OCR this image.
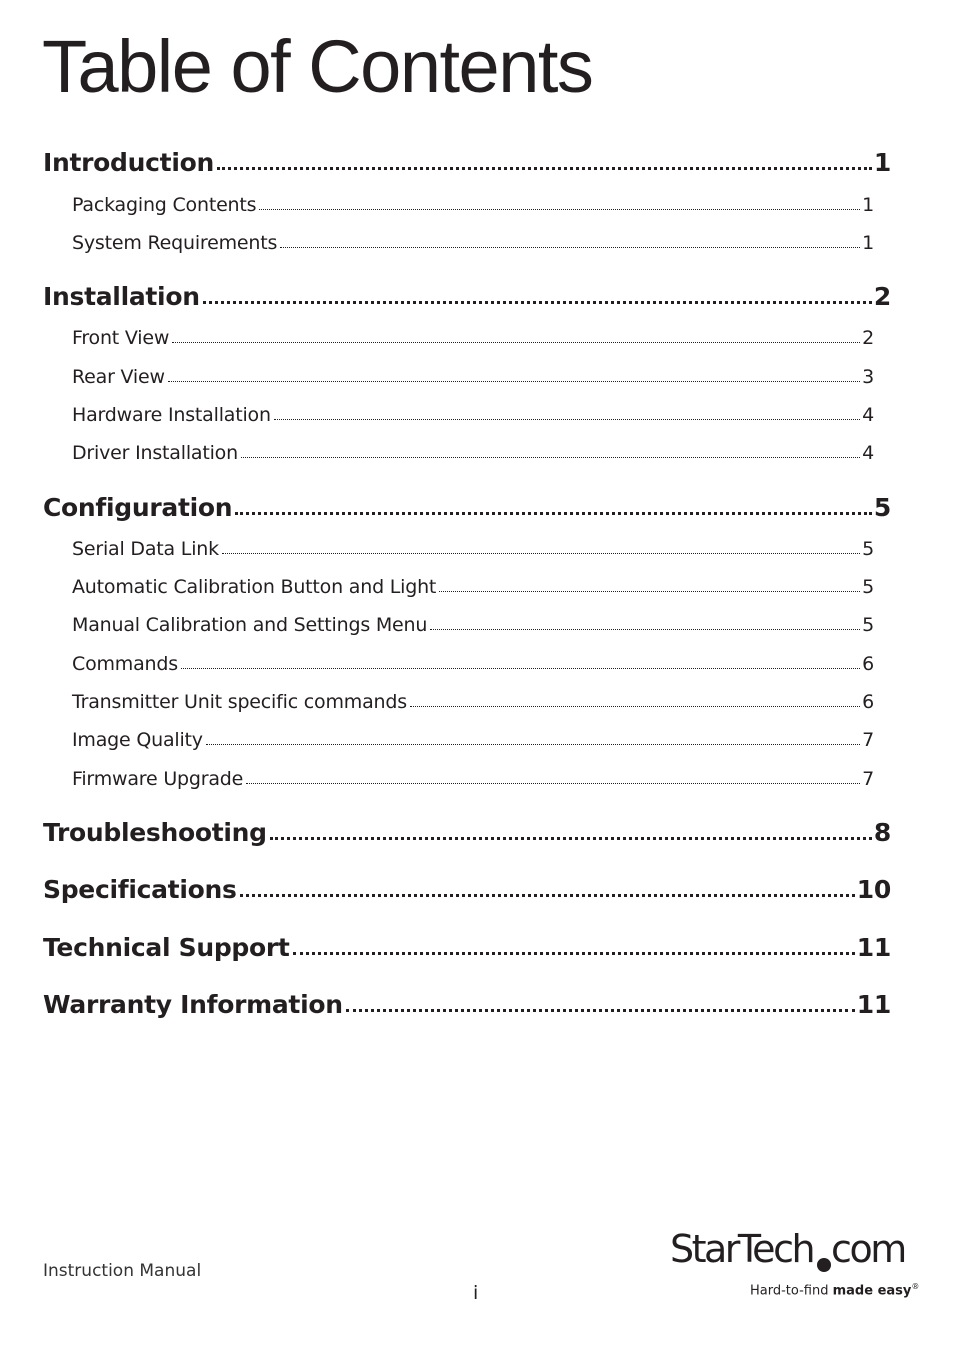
Table of Contents
Introduction	1
Packaging Contents	1
System Requirements	1
Installation	2
Front View	2
Rear View	3
Hardware Installation	4
Driver Installation	4
Configuration	5
Serial Data Link	5
Automatic Calibration Button and Light	5
Manual Calibration and Settings Menu	5
Commands	6
Transmitter Unit specific commands	6
Image Quality	7
Firmware Upgrade	7
Troubleshooting	8
Specifications	10
Technical Support	11
Warranty Information	11
Instruction Manual
i
StarTech com
Hard-to-find made easy®
